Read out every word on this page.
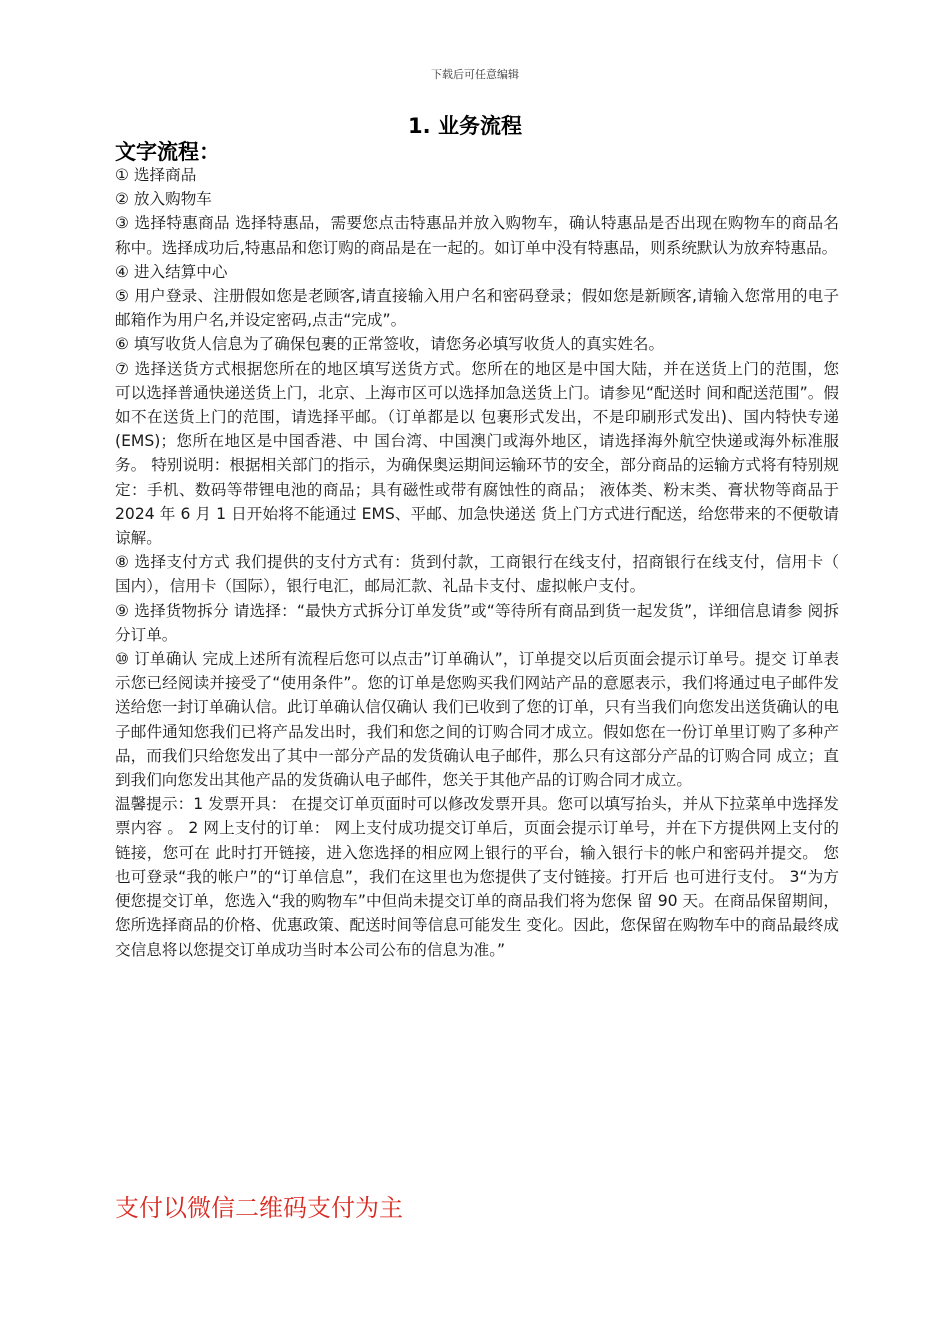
下载后可任意编辑
1. 业务流程
文字流程：

① 选择商品

② 放入购物车

③ 选择特惠商品 选择特惠品，需要您点击特惠品并放入购物车，确认特惠品是否出现在购物车的商品名 称中。选择成功后,特惠品和您订购的商品是在一起的。如订单中没有特惠品，则系统默认为放弃特惠品。

④ 进入结算中心

⑤ 用户登录、注册假如您是老顾客,请直接输入用户名和密码登录；假如您是新顾客,请输入您常用的电子 邮箱作为用户名,并设定密码,点击“完成”。

⑥ 填写收货人信息为了确保包裹的正常签收，请您务必填写收货人的真实姓名。

⑦ 选择送货方式根据您所在的地区填写送货方式。您所在的地区是中国大陆，并在送货上门的范围，您 可以选择普通快递送货上门，北京、上海市区可以选择加急送货上门。请参见“配送时 间和配送范围”。假如不在送货上门的范围，请选择平邮。（订单都是以 包裹形式发出，不是印刷形式发出)、国内特快专递(EMS)；您所在地区是中国香港、中 国台湾、中国澳门或海外地区，请选择海外航空快递或海外标准服务。 特别说明：根据相关部门的指示，为确保奥运期间运输环节的安全，部分商品的运输方式将有特别规定：手机、数码等带锂电池的商品；具有磁性或带有腐蚀性的商品； 液体类、粉末类、膏状物等商品于 2024 年 6 月 1 日开始将不能通过 EMS、平邮、加急快递送 货上门方式进行配送，给您带来的不便敬请谅解。

⑧ 选择支付方式 我们提供的支付方式有：货到付款，工商银行在线支付，招商银行在线支付，信用卡（ 国内），信用卡（国际），银行电汇，邮局汇款、礼品卡支付、虚拟帐户支付。

⑨ 选择货物拆分 请选择：“最快方式拆分订单发货”或“等待所有商品到货一起发货”，详细信息请参 阅拆分订单。

⑩ 订单确认 完成上述所有流程后您可以点击”订单确认”，订单提交以后页面会提示订单号。提交 订单表示您已经阅读并接受了“使用条件”。您的订单是您购买我们网站产品的意愿表示，我们将通过电子邮件发送给您一封订单确认信。此订单确认信仅确认 我们已收到了您的订单，只有当我们向您发出送货确认的电子邮件通知您我们已将产品发出时，我们和您之间的订购合同才成立。假如您在一份订单里订购了多种产品，而我们只给您发出了其中一部分产品的发货确认电子邮件，那么只有这部分产品的订购合同 成立；直到我们向您发出其他产品的发货确认电子邮件，您关于其他产品的订购合同才成立。

温馨提示：1 发票开具： 在提交订单页面时可以修改发票开具。您可以填写抬头，并从下拉菜单中选择发票内容 。 2 网上支付的订单： 网上支付成功提交订单后，页面会提示订单号，并在下方提供网上支付的链接，您可在 此时打开链接，进入您选择的相应网上银行的平台，输入银行卡的帐户和密码并提交。 您也可登录“我的帐户”的“订单信息”，我们在这里也为您提供了支付链接。打开后 也可进行支付。 3“为方便您提交订单，您选入“我的购物车”中但尚未提交订单的商品我们将为您保 留 90 天。在商品保留期间，您所选择商品的价格、优惠政策、配送时间等信息可能发生 变化。因此，您保留在购物车中的商品最终成交信息将以您提交订单成功当时本公司公布的信息为准。”

支付以微信二维码支付为主
